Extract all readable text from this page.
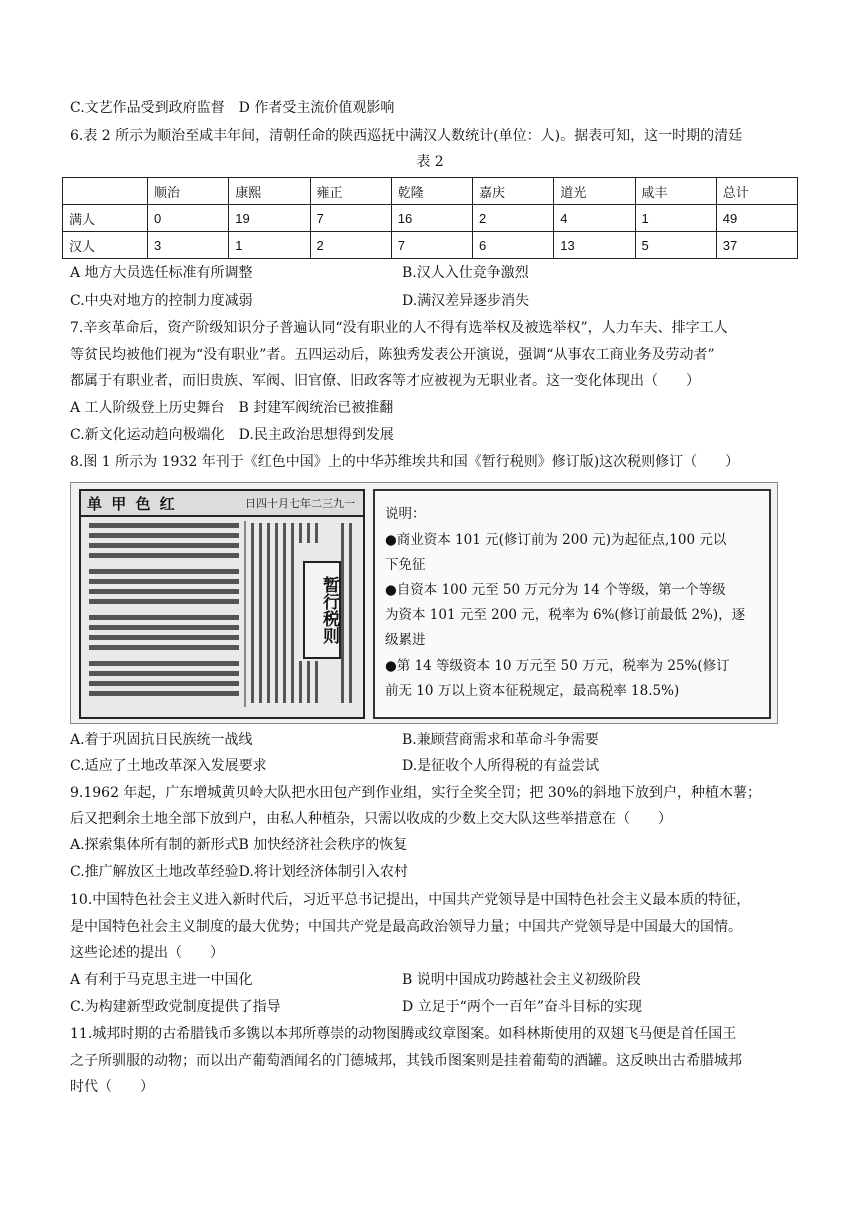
C.文艺作品受到政府监督　D 作者受主流价值观影响
6.表 2 所示为顺治至咸丰年间，清朝任命的陕西巡抚中满汉人数统计(单位：人)。据表可知，这一时期的清廷
表 2
	顺治	康熙	雍正	乾隆	嘉庆	道光	咸丰	总计
满人	0	19	7	16	2	4	1	49
汉人	3	1	2	7	6	13	5	37
A 地方大员选任标准有所调整	B.汉人入仕竞争激烈
C.中央对地方的控制力度减弱	D.满汉差异逐步消失
7.辛亥革命后，资产阶级知识分子普遍认同“没有职业的人不得有选举权及被选举权”，人力车夫、排字工人
等贫民均被他们视为“没有职业”者。五四运动后，陈独秀发表公开演说，强调“从事农工商业务及劳动者”
都属于有职业者，而旧贵族、军阀、旧官僚、旧政客等才应被视为无职业者。这一变化体现出（　　）
A 工人阶级登上历史舞台　B 封建军阀统治已被推翻
C.新文化运动趋向极端化　D.民主政治思想得到发展
8.图 1 所示为 1932 年刊于《红色中国》上的中华苏维埃共和国《暂行税则》修订版)这次税则修订（　　）
单 甲 色 红	日四十月七年二三九一
暂行税则
说明：
●商业资本 101 元(修订前为 200 元)为起征点,100 元以
下免征
●自资本 100 元至 50 万元分为 14 个等级，第一个等级
为资本 101 元至 200 元，税率为 6%(修订前最低 2%)，逐
级累进
●第 14 等级资本 10 万元至 50 万元，税率为 25%(修订
前无 10 万以上资本征税规定，最高税率 18.5%)
A.着于巩固抗日民族统一战线	B.兼顾营商需求和革命斗争需要
C.适应了土地改革深入发展要求	D.是征收个人所得税的有益尝试
9.1962 年起，广东增城黄贝岭大队把水田包产到作业组，实行全奖全罚；把 30%的斜地下放到户，种植木薯；
后又把剩余土地全部下放到户，由私人种植杂，只需以收成的少数上交大队这些举措意在（　　）
A.探索集体所有制的新形式B 加快经济社会秩序的恢复
C.推广解放区土地改革经验D.将计划经济体制引入农村
10.中国特色社会主义进入新时代后，习近平总书记提出，中国共产党领导是中国特色社会主义最本质的特征，
是中国特色社会主义制度的最大优势；中国共产党是最高政治领导力量；中国共产党领导是中国最大的国情。
这些论述的提出（　　）
A 有利于马克思主进一中国化	B 说明中国成功跨越社会主义初级阶段
C.为构建新型政党制度提供了指导	D 立足于“两个一百年”奋斗目标的实现
11.城邦时期的古希腊钱币多镌以本邦所尊崇的动物图腾或纹章图案。如科林斯使用的双翅飞马便是首任国王
之子所驯服的动物；而以出产葡萄酒闻名的门德城邦，其钱币图案则是挂着葡萄的酒罐。这反映出古希腊城邦
时代（　　）
